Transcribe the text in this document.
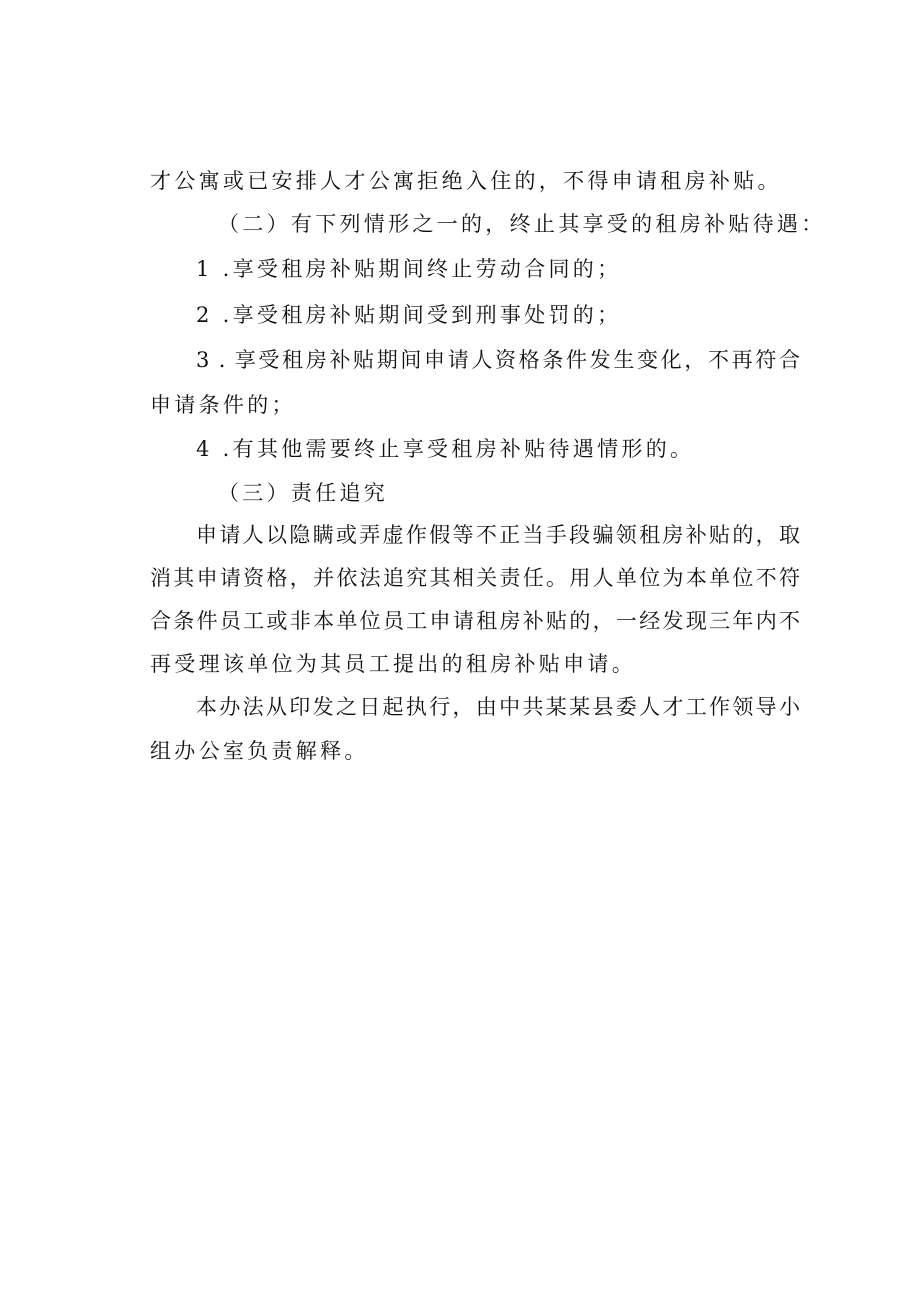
才公寓或已安排人才公寓拒绝入住的，不得申请租房补贴。
（二）有下列情形之一的，终止其享受的租房补贴待遇：
1 .享受租房补贴期间终止劳动合同的；
2 .享受租房补贴期间受到刑事处罚的；
3 . 享受租房补贴期间申请人资格条件发生变化，不再符合
申请条件的；
4 .有其他需要终止享受租房补贴待遇情形的。
（三）责任追究
申请人以隐瞒或弄虚作假等不正当手段骗领租房补贴的，取
消其申请资格，并依法追究其相关责任。用人单位为本单位不符
合条件员工或非本单位员工申请租房补贴的，一经发现三年内不
再受理该单位为其员工提出的租房补贴申请。
本办法从印发之日起执行，由中共某某县委人才工作领导小
组办公室负责解释。
